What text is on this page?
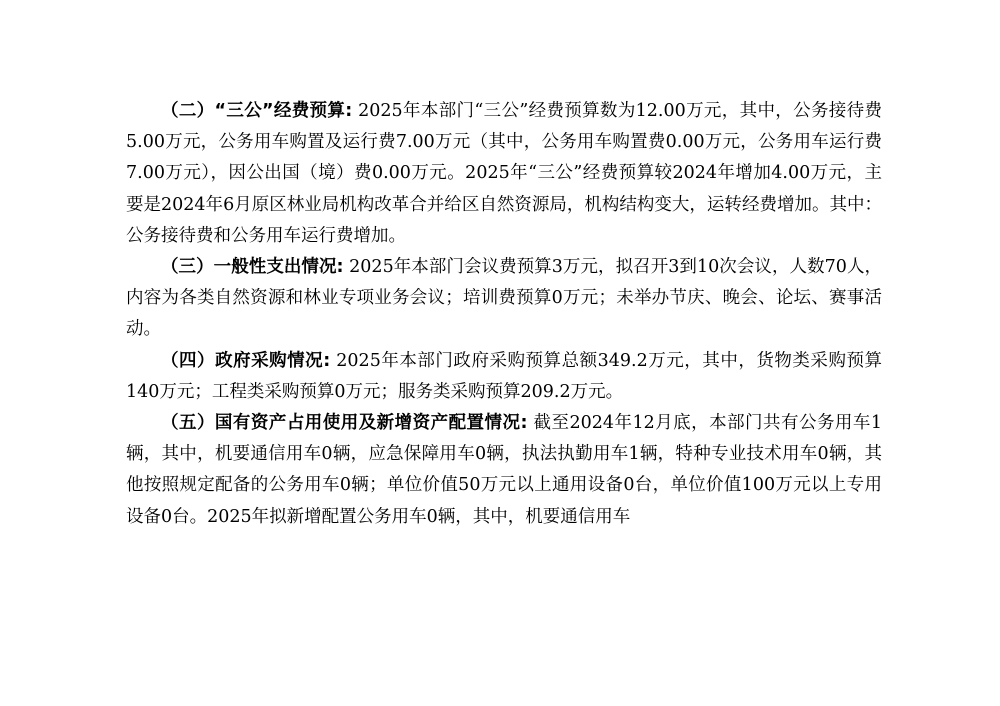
（二）“三公”经费预算: 2025年本部门“三公”经费预算数为12.00万元，其中，公务接待费5.00万元，公务用车购置及运行费7.00万元（其中，公务用车购置费0.00万元，公务用车运行费7.00万元），因公出国（境）费0.00万元。2025年“三公”经费预算较2024年增加4.00万元，主要是2024年6月原区林业局机构改革合并给区自然资源局，机构结构变大，运转经费增加。其中：公务接待费和公务用车运行费增加。

（三）一般性支出情况: 2025年本部门会议费预算3万元，拟召开3到10次会议，人数70人，内容为各类自然资源和林业专项业务会议；培训费预算0万元；未举办节庆、晚会、论坛、赛事活动。

（四）政府采购情况: 2025年本部门政府采购预算总额349.2万元，其中，货物类采购预算140万元；工程类采购预算0万元；服务类采购预算209.2万元。

（五）国有资产占用使用及新增资产配置情况: 截至2024年12月底，本部门共有公务用车1辆，其中，机要通信用车0辆，应急保障用车0辆，执法执勤用车1辆，特种专业技术用车0辆，其他按照规定配备的公务用车0辆；单位价值50万元以上通用设备0台，单位价值100万元以上专用设备0台。2025年拟新增配置公务用车0辆，其中，机要通信用车
